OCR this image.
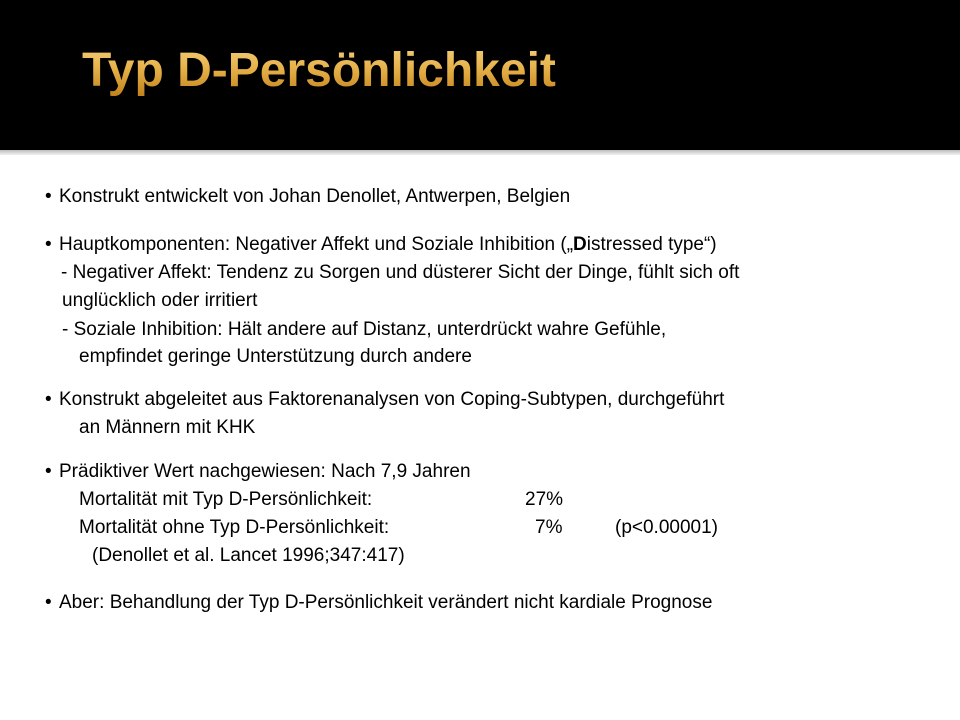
Typ D-Persönlichkeit
• Konstrukt entwickelt von Johan Denollet, Antwerpen, Belgien
• Hauptkomponenten: Negativer Affekt und Soziale Inhibition („Distressed type“)
- Negativer Affekt: Tendenz zu Sorgen und düsterer Sicht der Dinge, fühlt sich oft
unglücklich oder irritiert
- Soziale Inhibition: Hält andere auf Distanz, unterdrückt wahre Gefühle,
empfindet geringe Unterstützung durch andere
• Konstrukt abgeleitet aus Faktorenanalysen von Coping-Subtypen, durchgeführt
an Männern mit KHK
• Prädiktiver Wert nachgewiesen: Nach 7,9 Jahren
Mortalität mit Typ D-Persönlichkeit:	27%
Mortalität ohne Typ D-Persönlichkeit:	7%	(p<0.00001)
(Denollet et al. Lancet 1996;347:417)
• Aber: Behandlung der Typ D-Persönlichkeit verändert nicht kardiale Prognose
